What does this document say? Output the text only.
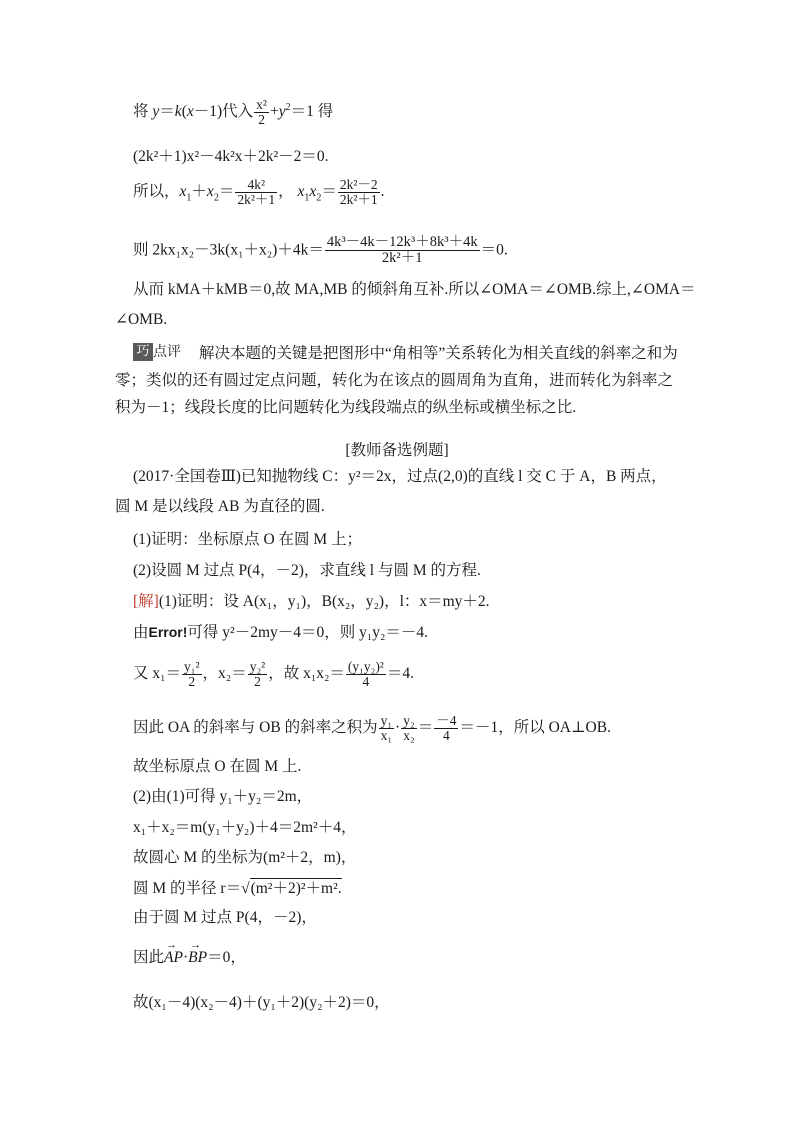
将 y＝k(x－1)代入 $\frac{\text{x²}}{2} +y^2=1$ 得
(2k²＋1)x²－4k²x＋2k²－2＝0.
所以，$x_1+x_2= \frac{\text{4k²}}{\text{2k²＋1}}$ ， $x_1x_2= \frac{\text{2k²－2}}{\text{2k²＋1}}$ .
则 $2kx_1x_2-3k(x_1+x_2)+4k= \frac{\text{4k³－4k－12k³＋8k³＋4k}}{\text{2k²＋1}} =0$.
从而 kMA＋kMB＝0,故 MA,MB 的倾斜角互补.所以∠OMA＝∠OMB.综上,∠OMA＝
∠OMB.
巧 点评 解决本题的关键是把图形中“角相等”关系转化为相关直线的斜率之和为零；类似的还有圆过定点问题，转化为在该点的圆周角为直角，进而转化为斜率之积为－1；线段长度的比问题转化为线段端点的纵坐标或横坐标之比.
[教师备选例题]
(2017·全国卷Ⅲ)已知抛物线 C：y²＝2x，过点(2,0)的直线 l 交 C 于 A，B 两点，
圆 M 是以线段 AB 为直径的圆.
(1)证明：坐标原点 O 在圆 M 上；
(2)设圆 M 过点 P(4，－2)，求直线 l 与圆 M 的方程.
[解](1)证明：设 A(x₁，y₁)，B(x₂，y₂)，l：x＝my＋2.
由Error!可得 y²－2my－4＝0，则 y₁y₂＝－4.
又 $x_1= \frac{\text{y₁²}}{2}$ ，$x_2= \frac{\text{y₂²}}{2}$ ，故 $x_1x_2= \frac{\text{(y₁y₂)²}}{4} =4$.
因此 OA 的斜率与 OB 的斜率之积为 $\frac{\text{y₁}}{\text{x₁}} \cdot \frac{\text{y₂}}{\text{x₂}} = \frac{-4}{4} =-1$，所以 OA⊥OB.
故坐标原点 O 在圆 M 上.
(2)由(1)可得 y₁＋y₂＝2m，
x₁＋x₂＝m(y₁＋y₂)＋4＝2m²＋4，
故圆心 M 的坐标为(m²＋2，m)，
圆 M 的半径 r＝√(m²＋2)²＋m².
由于圆 M 过点 P(4，－2)，
因此→ AP·→ BP＝0，
故(x₁－4)(x₂－4)＋(y₁＋2)(y₂＋2)＝0，
